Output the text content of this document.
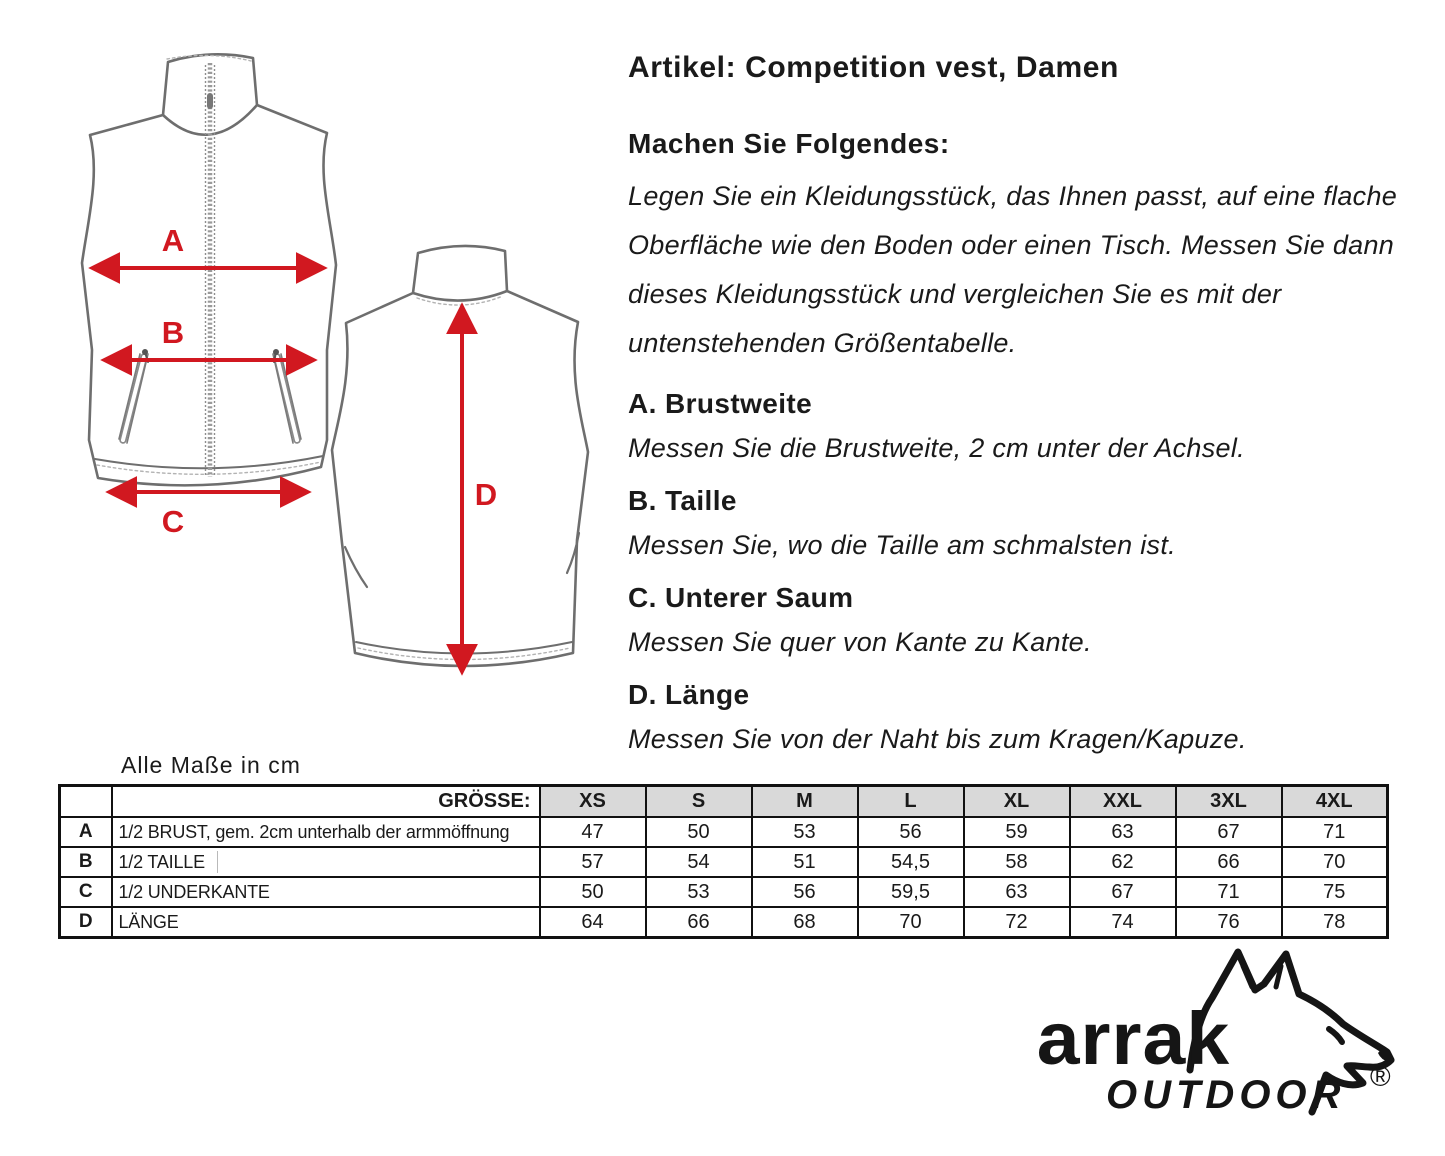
A
B
C
D
Artikel: Competition vest, Damen
Machen Sie Folgendes:
Legen Sie ein Kleidungsstück, das Ihnen passt, auf eine flache
Oberfläche wie den Boden oder einen Tisch. Messen Sie dann
dieses Kleidungsstück und vergleichen Sie es mit der
untenstehenden Größentabelle.
A. Brustweite
Messen Sie die Brustweite, 2 cm unter der Achsel.
B. Taille
Messen Sie, wo die Taille am schmalsten ist.
C. Unterer Saum
Messen Sie quer von Kante zu Kante.
D. Länge
Messen Sie von der Naht bis zum Kragen/Kapuze.
Alle Maße in cm
	GRÖSSE:	XS	S	M	L	XL	XXL	3XL	4XL
A	1/2 BRUST, gem. 2cm unterhalb der armmöffnung	47	50	53	56	59	63	67	71
B	1/2 TAILLE	57	54	51	54,5	58	62	66	70
C	1/2 UNDERKANTE	50	53	56	59,5	63	67	71	75
D	LÄNGE	64	66	68	70	72	74	76	78
arrak
OUTDOOR ®
